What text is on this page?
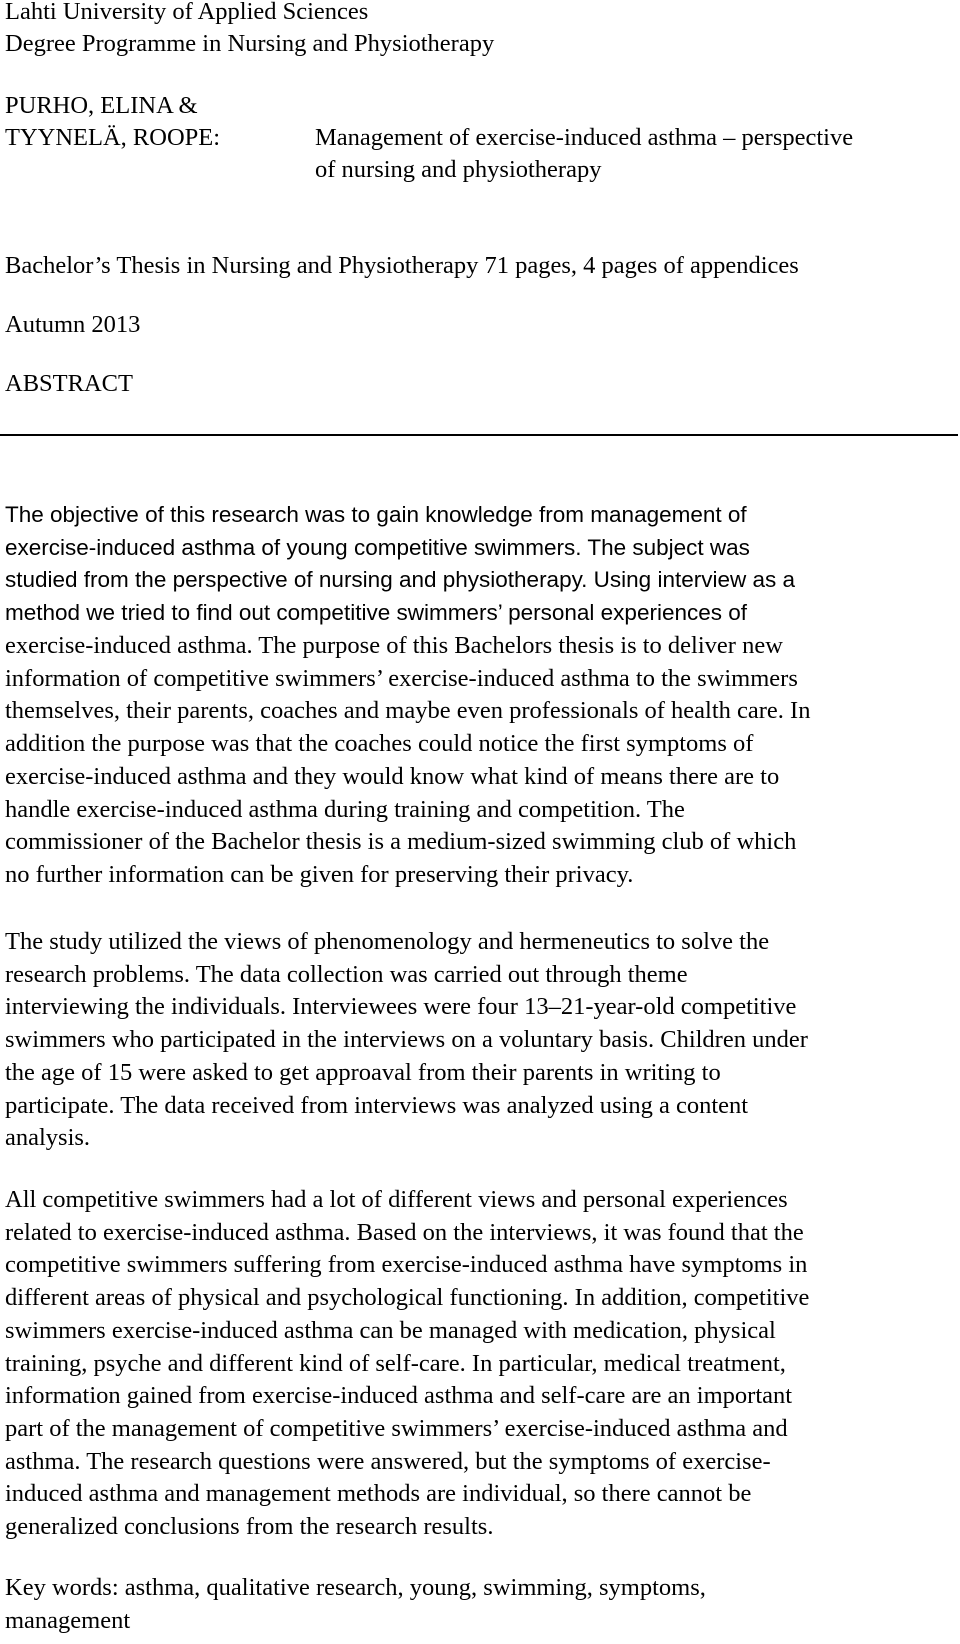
Lahti University of Applied Sciences
Degree Programme in Nursing and Physiotherapy
PURHO, ELINA &
TYYNELÄ, ROOPE:	Management of exercise-induced asthma – perspective
of nursing and physiotherapy
Bachelor’s Thesis in Nursing and Physiotherapy 71 pages, 4 pages of appendices
Autumn 2013
ABSTRACT
The objective of this research was to gain knowledge from management of
exercise-induced asthma of young competitive swimmers. The subject was
studied from the perspective of nursing and physiotherapy. Using interview as a
method we tried to find out competitive swimmers’ personal experiences of
exercise-induced asthma. The purpose of this Bachelors thesis is to deliver new
information of competitive swimmers’ exercise-induced asthma to the swimmers
themselves, their parents, coaches and maybe even professionals of health care. In
addition the purpose was that the coaches could notice the first symptoms of
exercise-induced asthma and they would know what kind of means there are to
handle exercise-induced asthma during training and competition. The
commissioner of the Bachelor thesis is a medium-sized swimming club of which
no further information can be given for preserving their privacy.
The study utilized the views of phenomenology and hermeneutics to solve the
research problems. The data collection was carried out through theme
interviewing the individuals. Interviewees were four 13–21-year-old competitive
swimmers who participated in the interviews on a voluntary basis. Children under
the age of 15 were asked to get approaval from their parents in writing to
participate. The data received from interviews was analyzed using a content
analysis.
All competitive swimmers had a lot of different views and personal experiences
related to exercise-induced asthma. Based on the interviews, it was found that the
competitive swimmers suffering from exercise-induced asthma have symptoms in
different areas of physical and psychological functioning. In addition, competitive
swimmers exercise-induced asthma can be managed with medication, physical
training, psyche and different kind of self-care. In particular, medical treatment,
information gained from exercise-induced asthma and self-care are an important
part of the management of competitive swimmers’ exercise-induced asthma and
asthma. The research questions were answered, but the symptoms of exercise-
induced asthma and management methods are individual, so there cannot be
generalized conclusions from the research results.
Key words: asthma, qualitative research, young, swimming, symptoms,
management
